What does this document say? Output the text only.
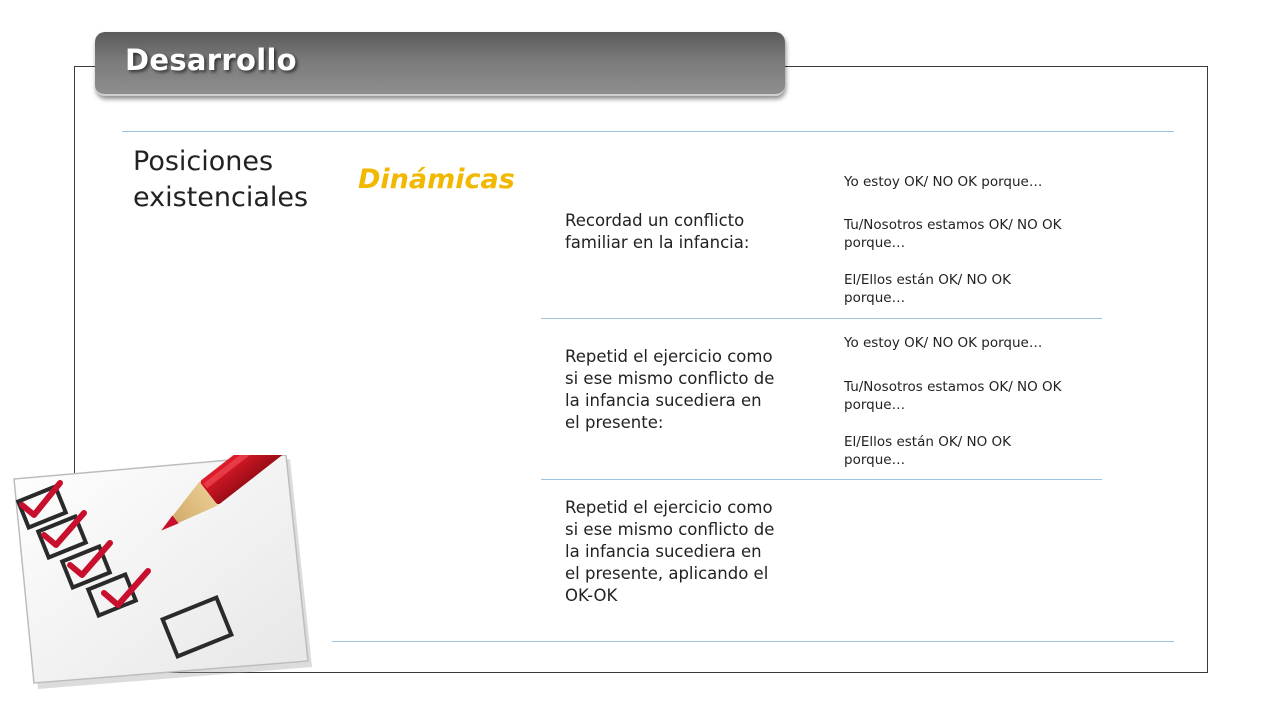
Desarrollo
Posiciones
existenciales
Dinámicas
Recordad un conflicto
familiar en la infancia:
Yo estoy OK/ NO OK porque…
Tu/Nosotros estamos OK/ NO OK porque…
El/Ellos están OK/ NO OK porque…
Repetid el ejercicio como
si ese mismo conflicto de
la infancia sucediera en
el presente:
Yo estoy OK/ NO OK porque…
Tu/Nosotros estamos OK/ NO OK porque…
El/Ellos están OK/ NO OK porque…
Repetid el ejercicio como
si ese mismo conflicto de
la infancia sucediera en
el presente, aplicando el
OK-OK
